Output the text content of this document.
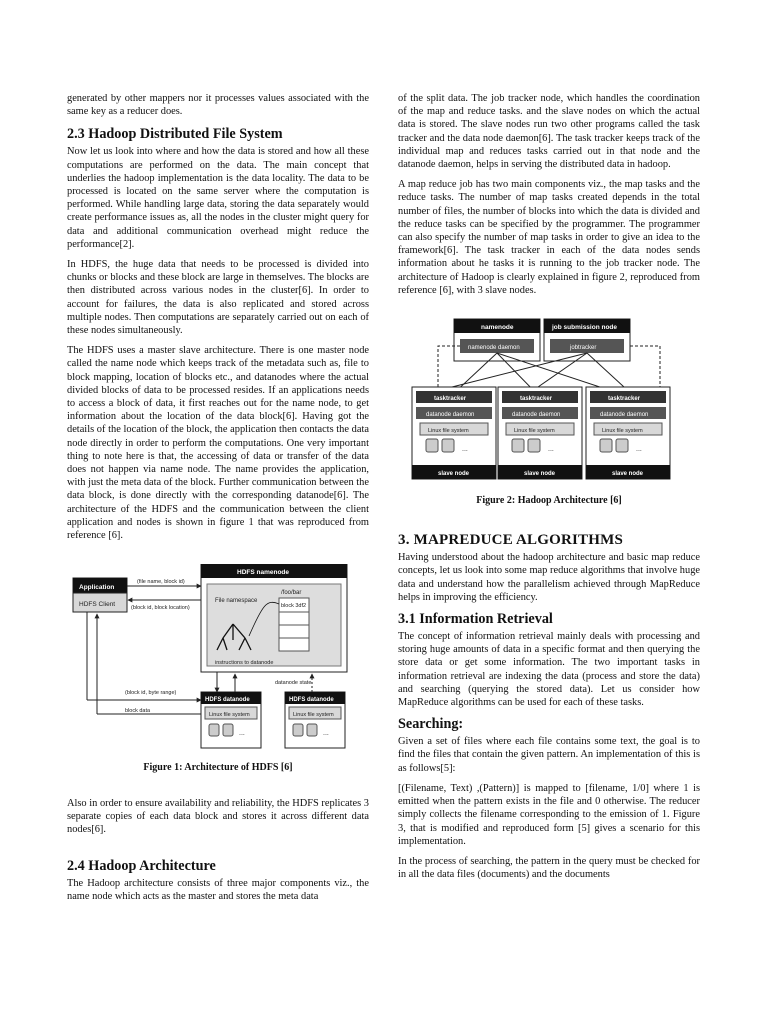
generated by other mappers nor it processes values associated with the same key as a reducer does.

2.3 Hadoop Distributed File System

Now let us look into where and how the data is stored and how all these computations are performed on the data. The main concept that underlies the hadoop implementation is the data locality. The data to be processed is located on the same server where the computation is performed. While handling large data, storing the data separately would create performance issues as, all the nodes in the cluster might query for data and additional communication overhead might reduce the performance[2].

In HDFS, the huge data that needs to be processed is divided into chunks or blocks and these block are large in themselves. The blocks are then distributed across various nodes in the cluster[6]. In order to account for failures, the data is also replicated and stored across multiple nodes. Then computations are separately carried out on each of these nodes simultaneously.

The HDFS uses a master slave architecture. There is one master node called the name node which keeps track of the metadata such as, file to block mapping, location of blocks etc., and datanodes where the actual divided blocks of data to be processed resides. If an applications needs to access a block of data, it first reaches out for the name node, to get information about the location of the data block[6]. Having got the details of the location of the block, the application then contacts the data node directly in order to perform the computations. One very important thing to note here is that, the accessing of data or transfer of the data does not happen via name node. The name provides the application, with just the meta data of the block. Further communication between the data block, is done directly with the corresponding datanode[6]. The architecture of the HDFS and the communication between the client application and nodes is shown in figure 1 that was reproduced from reference [6].

Application
HDFS Client
HDFS namenode
File namespace
/foo/bar
block 3df2
(file name, block id)
(block id, block location)
instructions to datanode
datanode state
(block id, byte range)
block data
HDFS datanode
Linux file system
...
HDFS datanode
Linux file system
...

Figure 1: Architecture of HDFS [6]

Also in order to ensure availability and reliability, the HDFS replicates 3 separate copies of each data block and stores it across different data nodes[6].

2.4 Hadoop Architecture

The Hadoop architecture consists of three major components viz., the name node which acts as the master and stores the meta data

of the split data. The job tracker node, which handles the coordination of the map and reduce tasks. and the slave nodes on which the actual data is stored. The slave nodes run two other programs called the task tracker and the data node daemon[6]. The task tracker keeps track of the individual map and reduces tasks carried out in that node and the datanode daemon, helps in serving the distributed data in hadoop.

A map reduce job has two main components viz., the map tasks and the reduce tasks. The number of map tasks created depends in the total number of files, the number of blocks into which the data is divided and the reduce tasks can be specified by the programmer. The programmer can also specify the number of map tasks in order to give an idea to the framework[6]. The task tracker in each of the data nodes sends information about he tasks it is running to the job tracker node. The architecture of Hadoop is clearly explained in figure 2, reproduced from reference [6], with 3 slave nodes.

namenode
namenode daemon
job submission node
jobtracker
tasktracker
datanode daemon
Linux file system
...
slave node
tasktracker
datanode daemon
Linux file system
...
slave node
tasktracker
datanode daemon
Linux file system
...
slave node

Figure 2: Hadoop Architecture [6]

3. MAPREDUCE ALGORITHMS

Having understood about the hadoop architecture and basic map reduce concepts, let us look into some map reduce algorithms that involve huge data and understand how the parallelism achieved through MapReduce helps in improving the efficiency.

3.1 Information Retrieval

The concept of information retrieval mainly deals with processing and storing huge amounts of data in a specific format and then querying the store data or get some information. The two important tasks in information retrieval are indexing the data (process and store the data) and searching (querying the stored data). Let us consider how MapReduce algorithms can be used for each of these tasks.

Searching:

Given a set of files where each file contains some text, the goal is to find the files that contain the given pattern. An implementation of this is as follows[5]:

[(Filename, Text) ,(Pattern)] is mapped to [filename, 1/0] where 1 is emitted when the pattern exists in the file and 0 otherwise. The reducer simply collects the filename corresponding to the emission of 1. Figure 3, that is modified and reproduced form [5] gives a scenario for this implementation.

In the process of searching, the pattern in the query must be checked for in all the data files (documents) and the documents
